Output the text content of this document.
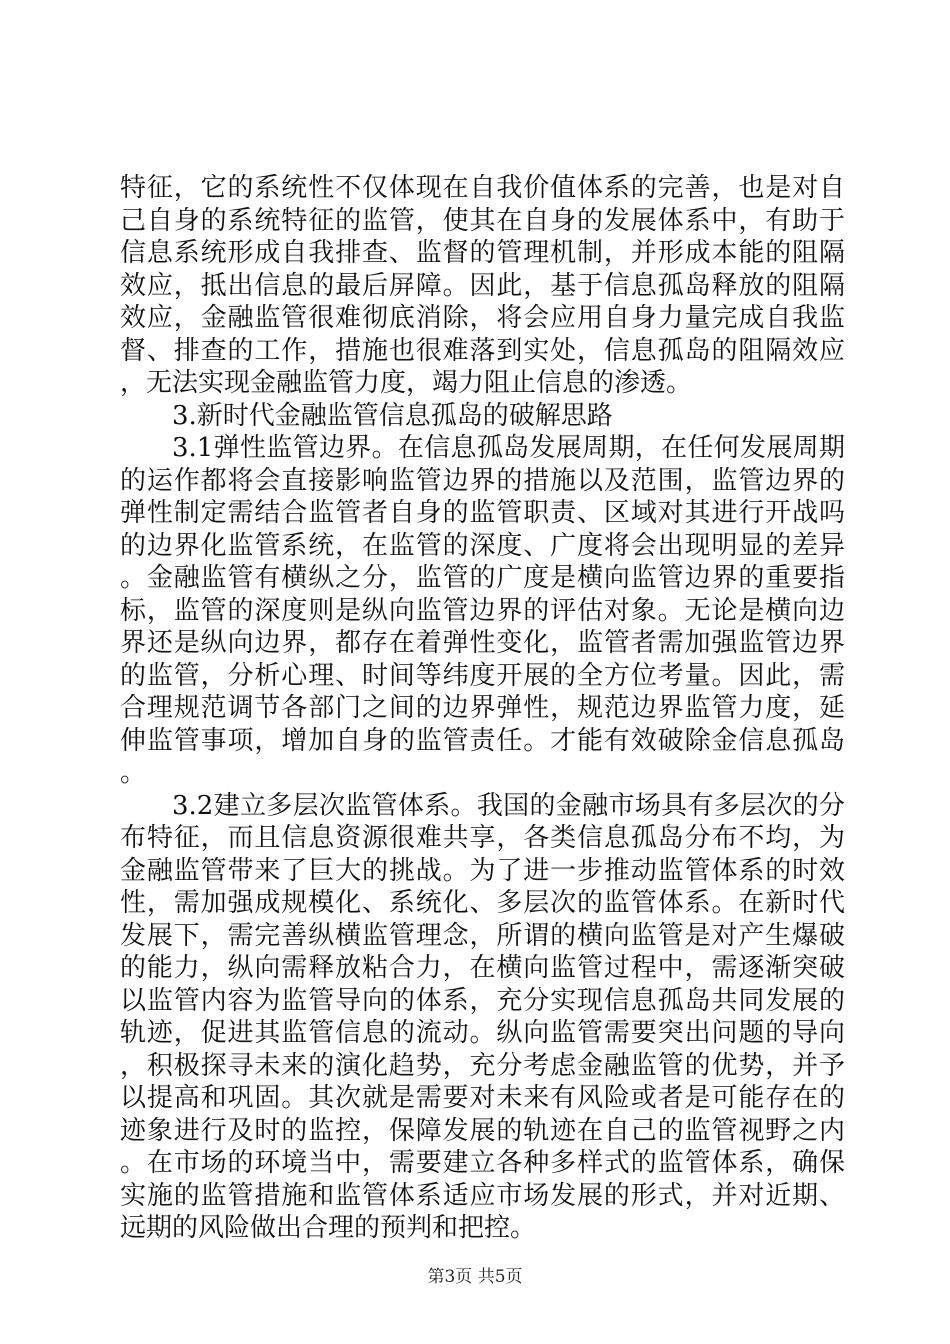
特征，它的系统性不仅体现在自我价值体系的完善，也是对自己自身的系统特征的监管，使其在自身的发展体系中，有助于信息系统形成自我排查、监督的管理机制，并形成本能的阻隔效应，抵出信息的最后屏障。因此，基于信息孤岛释放的阻隔效应，金融监管很难彻底消除，将会应用自身力量完成自我监督、排查的工作，措施也很难落到实处，信息孤岛的阻隔效应，无法实现金融监管力度，竭力阻止信息的渗透。

3.新时代金融监管信息孤岛的破解思路

3.1弹性监管边界。在信息孤岛发展周期，在任何发展周期的运作都将会直接影响监管边界的措施以及范围，监管边界的弹性制定需结合监管者自身的监管职责、区域对其进行开战吗的边界化监管系统，在监管的深度、广度将会出现明显的差异。金融监管有横纵之分，监管的广度是横向监管边界的重要指标，监管的深度则是纵向监管边界的评估对象。无论是横向边界还是纵向边界，都存在着弹性变化，监管者需加强监管边界的监管，分析心理、时间等纬度开展的全方位考量。因此，需合理规范调节各部门之间的边界弹性，规范边界监管力度，延伸监管事项，增加自身的监管责任。才能有效破除金信息孤岛。

3.2建立多层次监管体系。我国的金融市场具有多层次的分布特征，而且信息资源很难共享，各类信息孤岛分布不均，为金融监管带来了巨大的挑战。为了进一步推动监管体系的时效性，需加强成规模化、系统化、多层次的监管体系。在新时代发展下，需完善纵横监管理念，所谓的横向监管是对产生爆破的能力，纵向需释放粘合力，在横向监管过程中，需逐渐突破以监管内容为监管导向的体系，充分实现信息孤岛共同发展的轨迹，促进其监管信息的流动。纵向监管需要突出问题的导向，积极探寻未来的演化趋势，充分考虑金融监管的优势，并予以提高和巩固。其次就是需要对未来有风险或者是可能存在的迹象进行及时的监控，保障发展的轨迹在自己的监管视野之内。在市场的环境当中，需要建立各种多样式的监管体系，确保实施的监管措施和监管体系适应市场发展的形式，并对近期、远期的风险做出合理的预判和把控。

第3页 共5页
